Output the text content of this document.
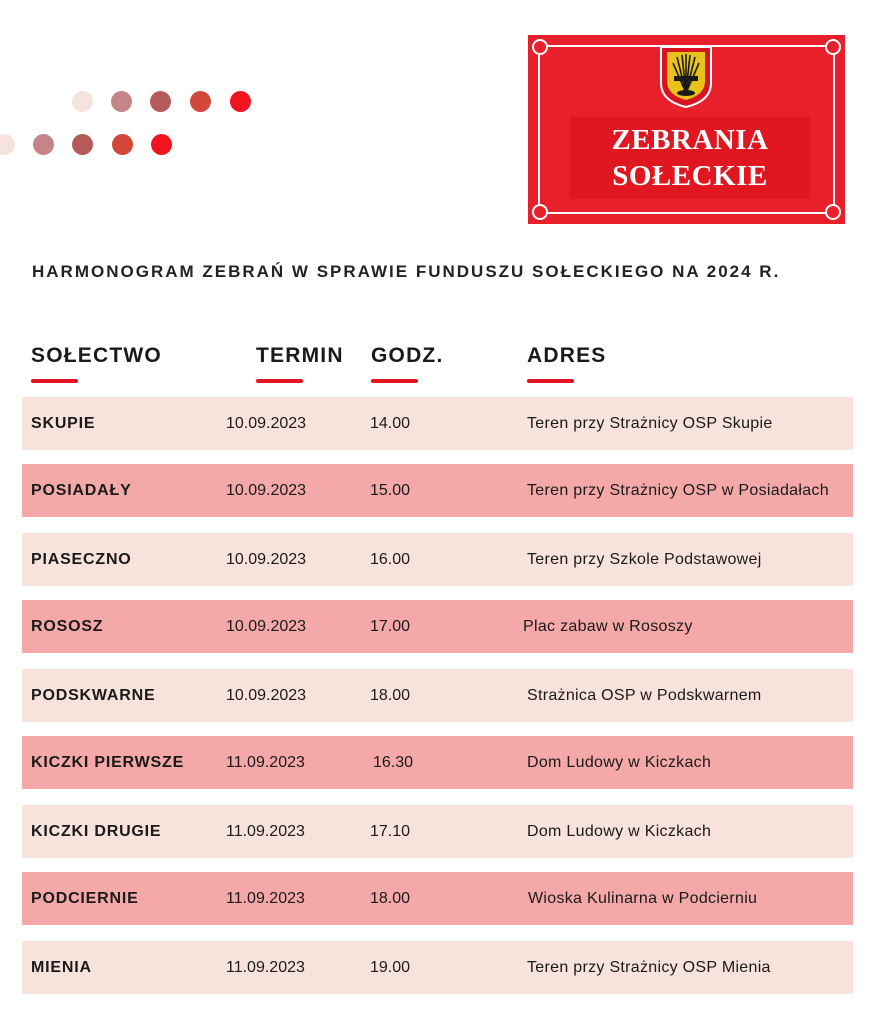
ZEBRANIA
SOŁECKIE
HARMONOGRAM ZEBRAŃ W SPRAWIE FUNDUSZU SOŁECKIEGO NA 2024 R.
SOŁECTWO	TERMIN GODZ.	ADRES
SKUPIE	10.09.2023	14.00	Teren przy Strażnicy OSP Skupie
POSIADAŁY	10.09.2023	15.00	Teren przy Strażnicy OSP w Posiadałach
PIASECZNO	10.09.2023	16.00	Teren przy Szkole Podstawowej
ROSOSZ	10.09.2023	17.00	Plac zabaw w Rososzy
PODSKWARNE	10.09.2023	18.00	Strażnica OSP w Podskwarnem
KICZKI PIERWSZE	11.09.2023	16.30	Dom Ludowy w Kiczkach
KICZKI DRUGIE	11.09.2023	17.10	Dom Ludowy w Kiczkach
PODCIERNIE	11.09.2023	18.00	Wioska Kulinarna w Podcierniu
MIENIA	11.09.2023	19.00	Teren przy Strażnicy OSP Mienia
